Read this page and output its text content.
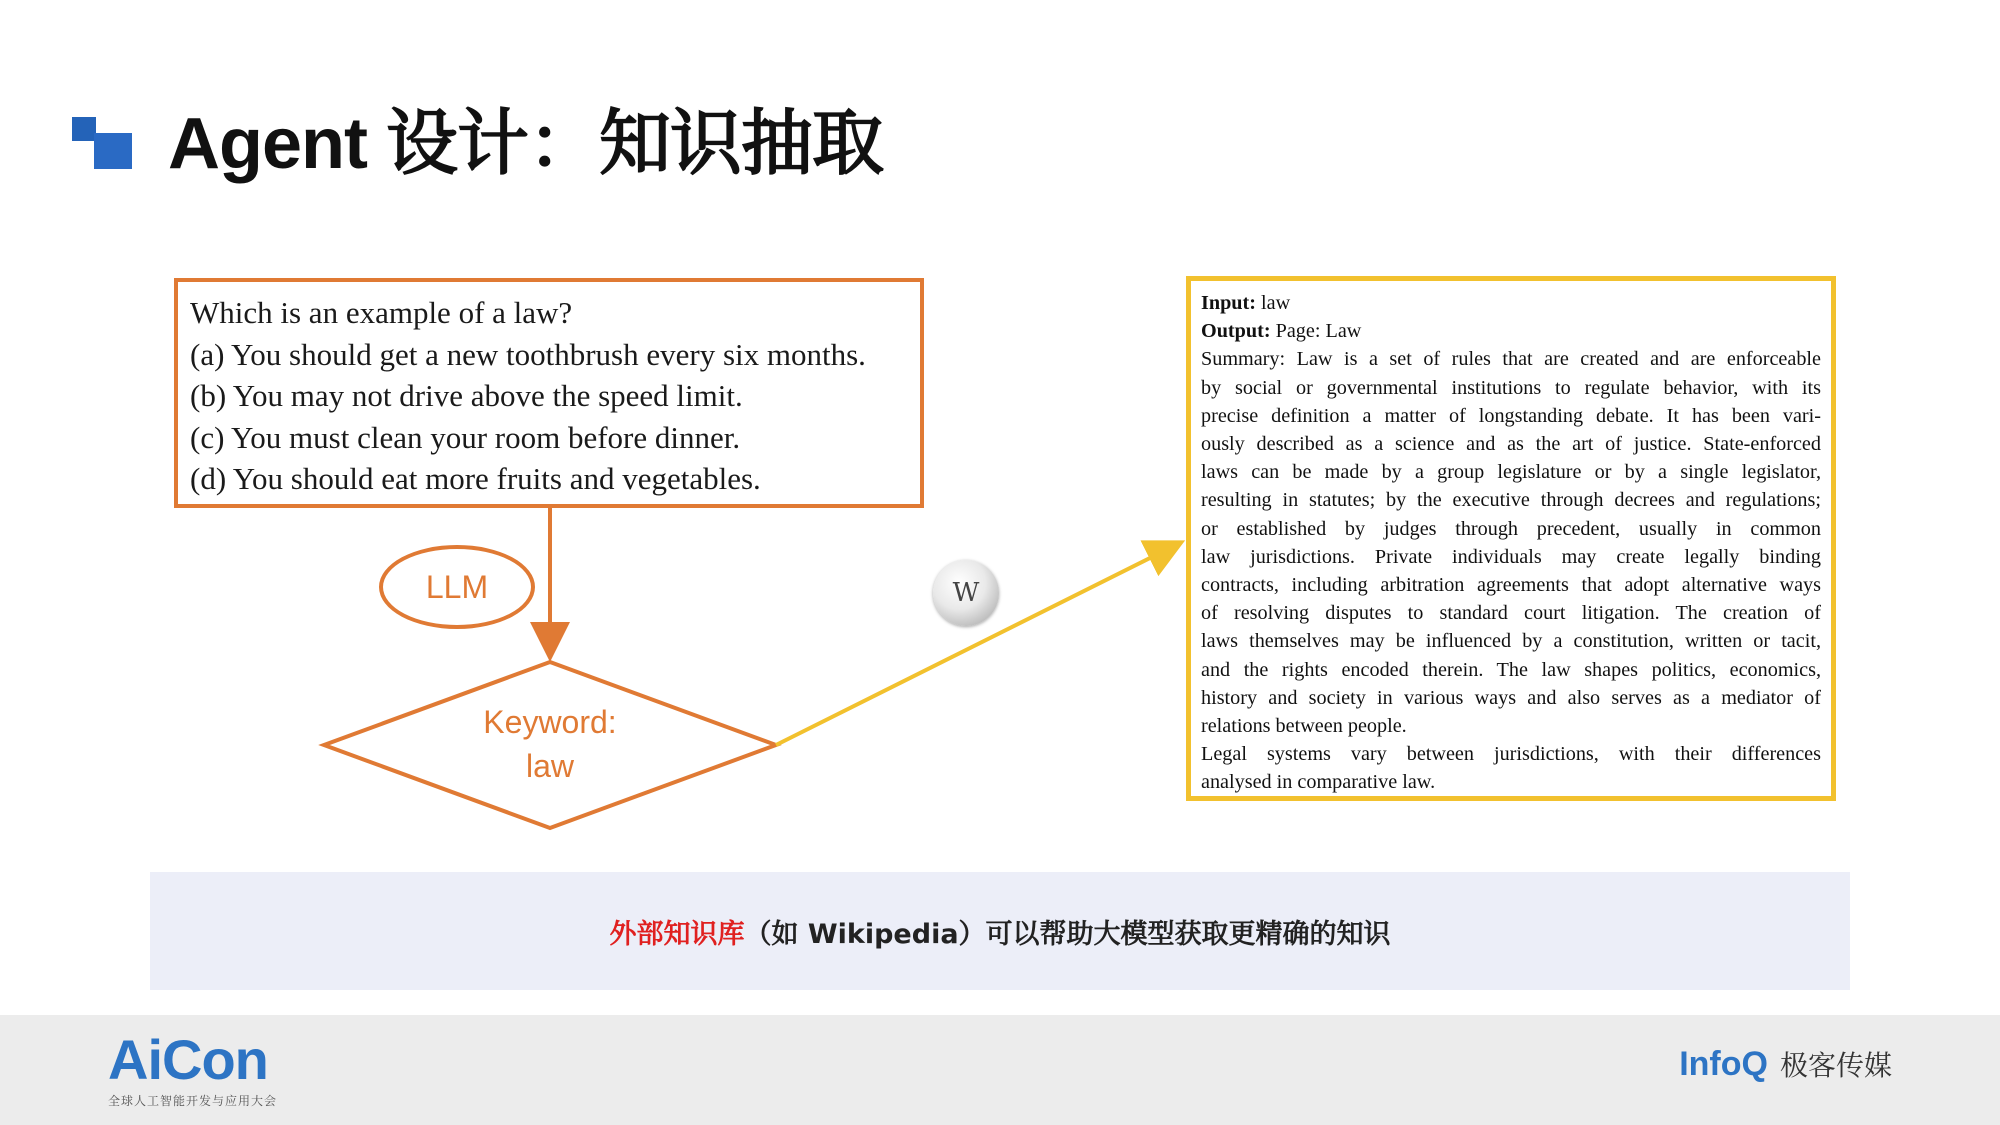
Agent 设计：知识抽取
Which is an example of a law?
(a) You should get a new toothbrush every six months.
(b) You may not drive above the speed limit.
(c) You must clean your room before dinner.
(d) You should eat more fruits and vegetables.
LLM
Keyword:
law
W
Input: law
Output: Page: Law
Summary: Law is a set of rules that are created and are enforceable
by social or governmental institutions to regulate behavior, with its
precise definition a matter of longstanding debate. It has been vari-
ously described as a science and as the art of justice. State-enforced
laws can be made by a group legislature or by a single legislator,
resulting in statutes; by the executive through decrees and regulations;
or established by judges through precedent, usually in common
law jurisdictions. Private individuals may create legally binding
contracts, including arbitration agreements that adopt alternative ways
of resolving disputes to standard court litigation. The creation of
laws themselves may be influenced by a constitution, written or tacit,
and the rights encoded therein. The law shapes politics, economics,
history and society in various ways and also serves as a mediator of
relations between people.
Legal systems vary between jurisdictions, with their differences
analysed in comparative law.
外部知识库（如 Wikipedia）可以帮助大模型获取更精确的知识
AiCon
全球人工智能开发与应用大会
InfoQ 极客传媒
